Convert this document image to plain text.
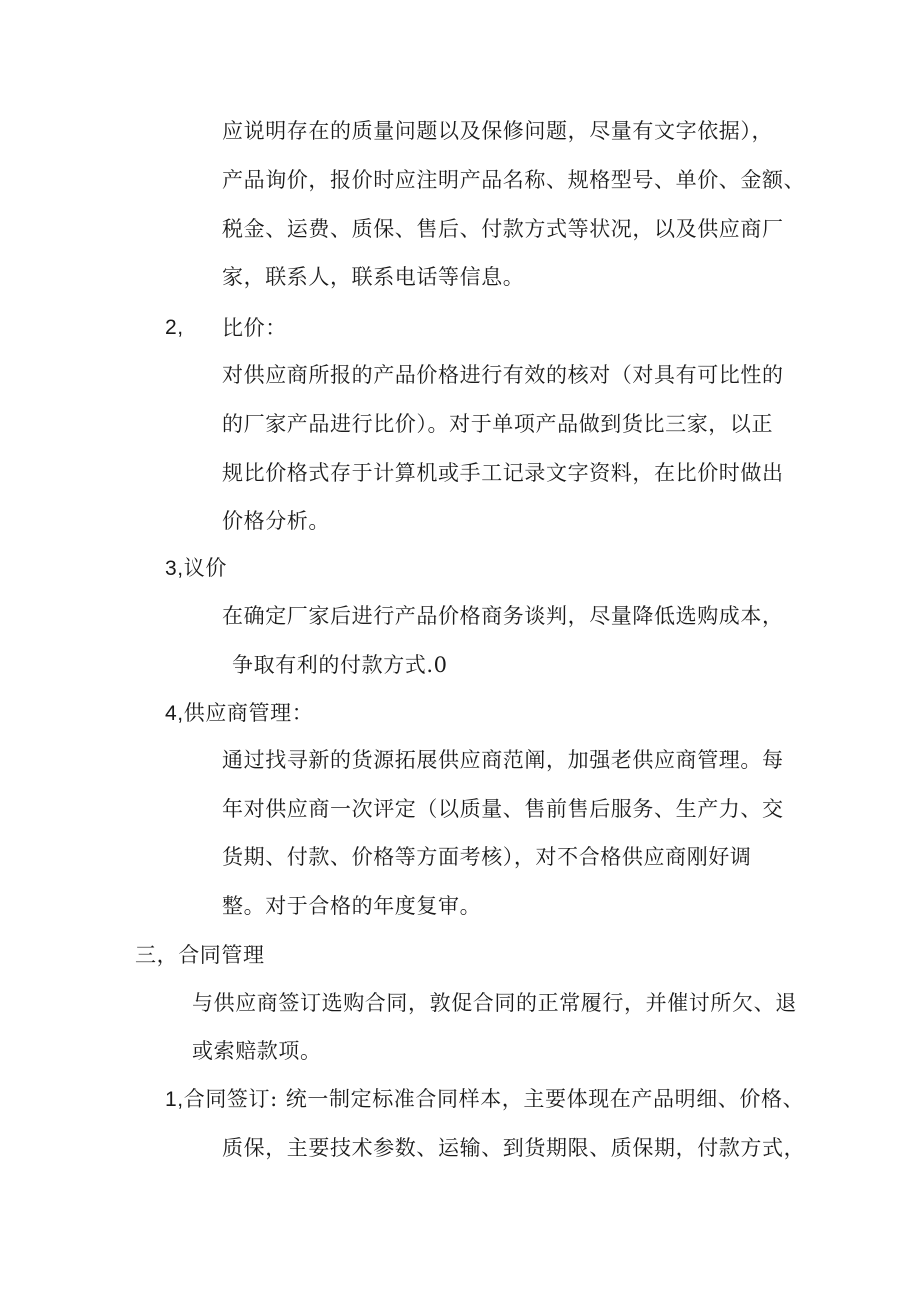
应说明存在的质量问题以及保修问题，尽量有文字依据），
产品询价，报价时应注明产品名称、规格型号、单价、金额、
税金、运费、质保、售后、付款方式等状况，以及供应商厂
家，联系人，联系电话等信息。
2, 比价：
对供应商所报的产品价格进行有效的核对（对具有可比性的
的厂家产品进行比价）。对于单项产品做到货比三家，以正
规比价格式存于计算机或手工记录文字资料，在比价时做出
价格分析。
3,议价
在确定厂家后进行产品价格商务谈判，尽量降低选购成本，
争取有利的付款方式.0
4,供应商管理：
通过找寻新的货源拓展供应商范阐，加强老供应商管理。每
年对供应商一次评定（以质量、售前售后服务、生产力、交
货期、付款、价格等方面考核），对不合格供应商刚好调
整。对于合格的年度复审。
三，合同管理
与供应商签订选购合同，敦促合同的正常履行，并催讨所欠、退
或索赔款项。
1,合同签订: 统一制定标准合同样本，主要体现在产品明细、价格、
质保，主要技术参数、运输、到货期限、质保期，付款方式，
